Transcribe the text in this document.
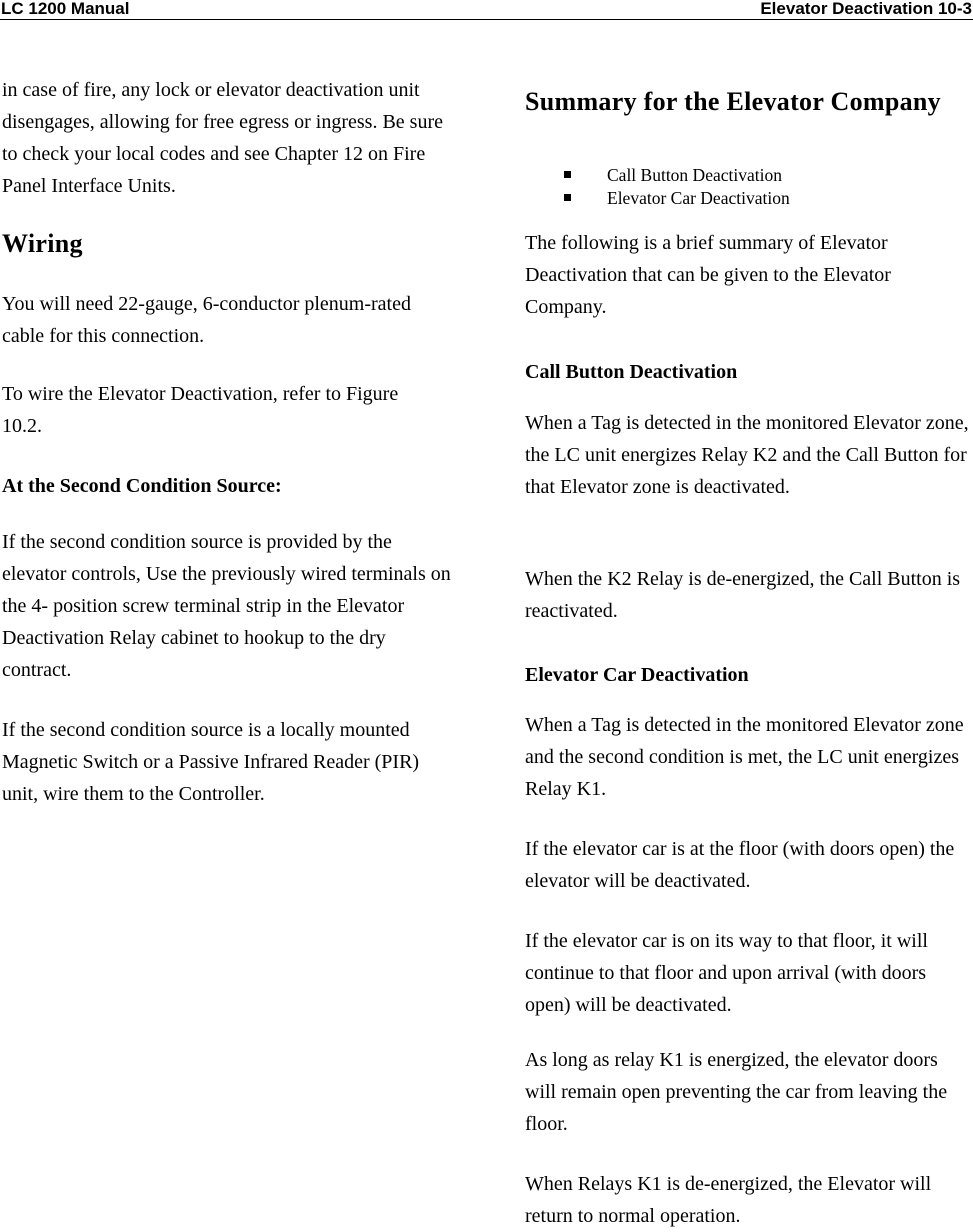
LC 1200 Manual	Elevator Deactivation 10-3

in case of fire, any lock or elevator deactivation unit disengages, allowing for free egress or ingress. Be sure to check your local codes and see Chapter 12 on Fire Panel Interface Units.

Wiring

You will need 22-gauge, 6-conductor plenum-rated cable for this connection.

To wire the Elevator Deactivation, refer to Figure 10.2.

At the Second Condition Source:

If the second condition source is provided by the elevator controls, Use the previously wired terminals on the 4- position screw terminal strip in the Elevator Deactivation Relay cabinet to hookup to the dry contract.

If the second condition source is a locally mounted Magnetic Switch or a Passive Infrared Reader (PIR) unit, wire them to the Controller.

Summary for the Elevator Company
Call Button Deactivation
Elevator Car Deactivation

The following is a brief summary of Elevator Deactivation that can be given to the Elevator Company.

Call Button Deactivation

When a Tag is detected in the monitored Elevator zone, the LC unit energizes Relay K2 and the Call Button for that Elevator zone is deactivated.

When the K2 Relay is de-energized, the Call Button is reactivated.

Elevator Car Deactivation

When a Tag is detected in the monitored Elevator zone and the second condition is met, the LC unit energizes Relay K1.

If the elevator car is at the floor (with doors open) the elevator will be deactivated.

If the elevator car is on its way to that floor, it will continue to that floor and upon arrival (with doors open) will be deactivated.

As long as relay K1 is energized, the elevator doors will remain open preventing the car from leaving the floor.

When Relays K1 is de-energized, the Elevator will return to normal operation.
